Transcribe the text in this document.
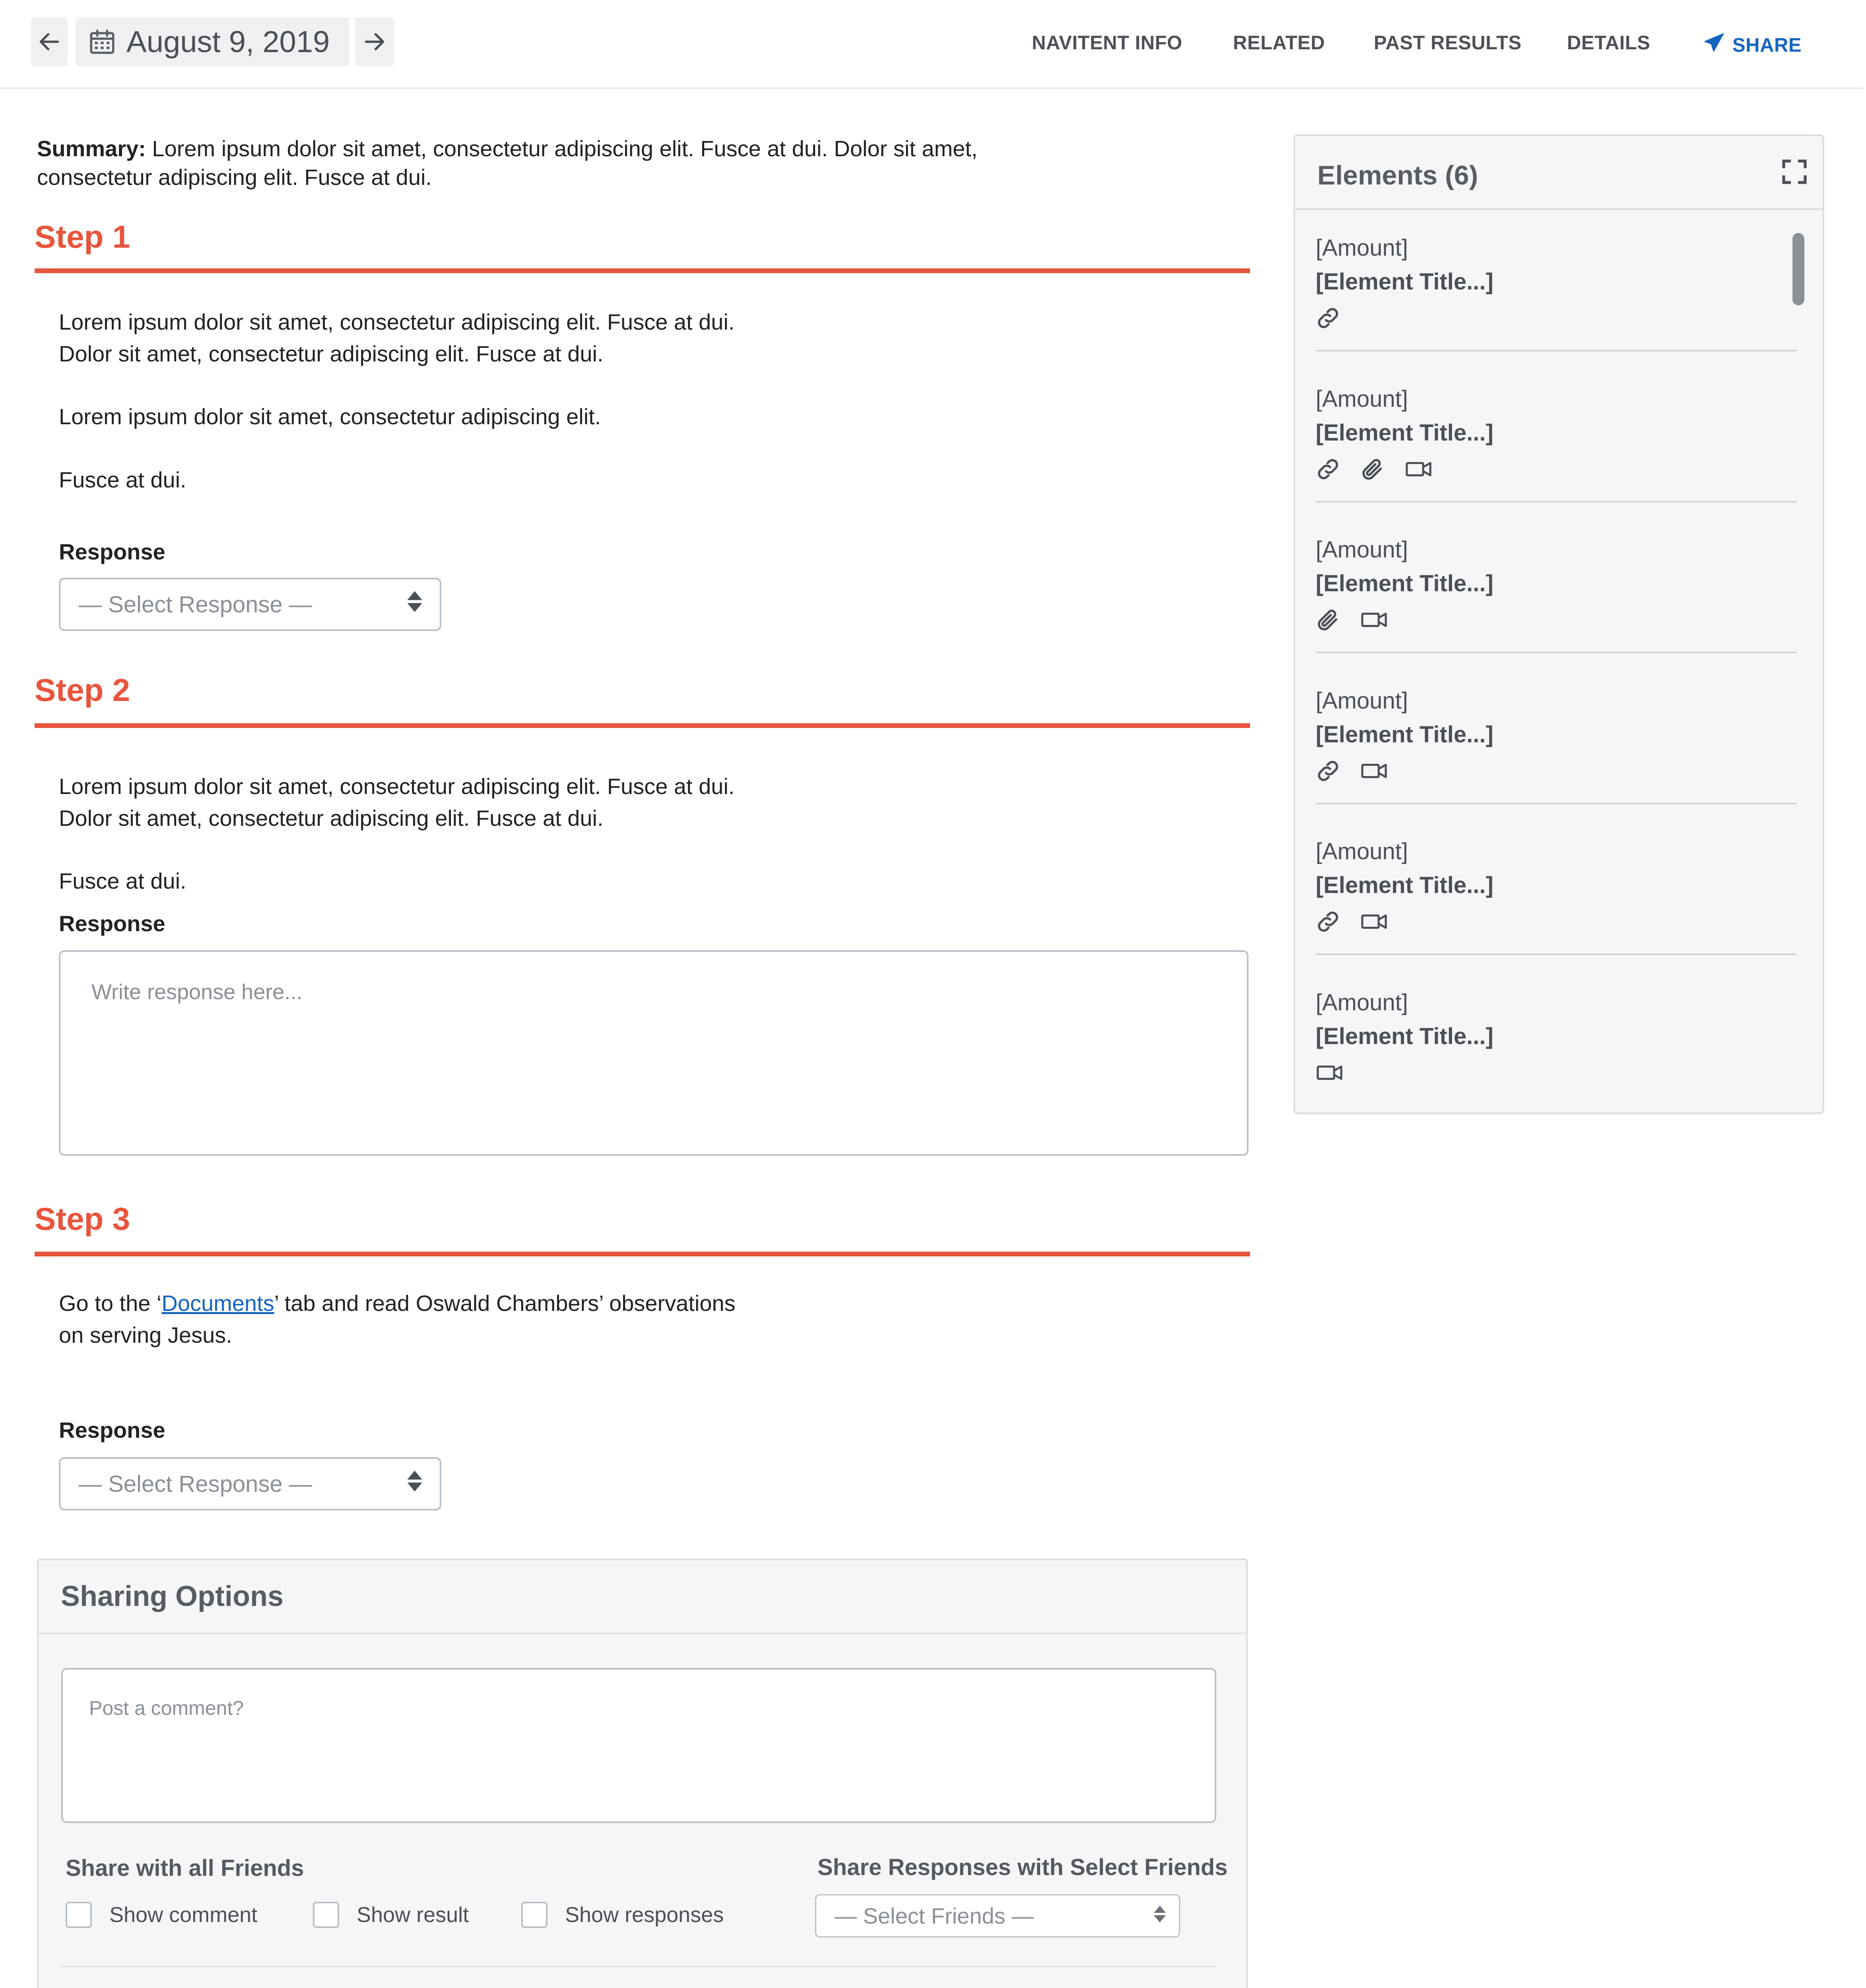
August 9, 2019	NAVITENT INFO	RELATED	PAST RESULTS DETAILS	SHARE
Summary: Lorem ipsum dolor sit amet, consectetur adipiscing elit. Fusce at dui. Dolor sit amet, consectetur adipiscing elit. Fusce at dui.
Step 1
Lorem ipsum dolor sit amet, consectetur adipiscing elit. Fusce at dui.
Dolor sit amet, consectetur adipiscing elit. Fusce at dui.
Lorem ipsum dolor sit amet, consectetur adipiscing elit.
Fusce at dui.
Response
— Select Response —
Step 2
Lorem ipsum dolor sit amet, consectetur adipiscing elit. Fusce at dui.
Dolor sit amet, consectetur adipiscing elit. Fusce at dui.
Fusce at dui.
Response
Write response here...
Step 3
Go to the ‘Documents’ tab and read Oswald Chambers’ observations
on serving Jesus.
Response
— Select Response —
Sharing Options
Post a comment?
Share with all Friends
Show comment	Show result	Show responses
Share Responses with Select Friends
— Select Friends —
Elements (6)
[Amount]
[Element Title...]
[Amount]
[Element Title...]
[Amount]
[Element Title...]
[Amount]
[Element Title...]
[Amount]
[Element Title...]
[Amount]
[Element Title...]
